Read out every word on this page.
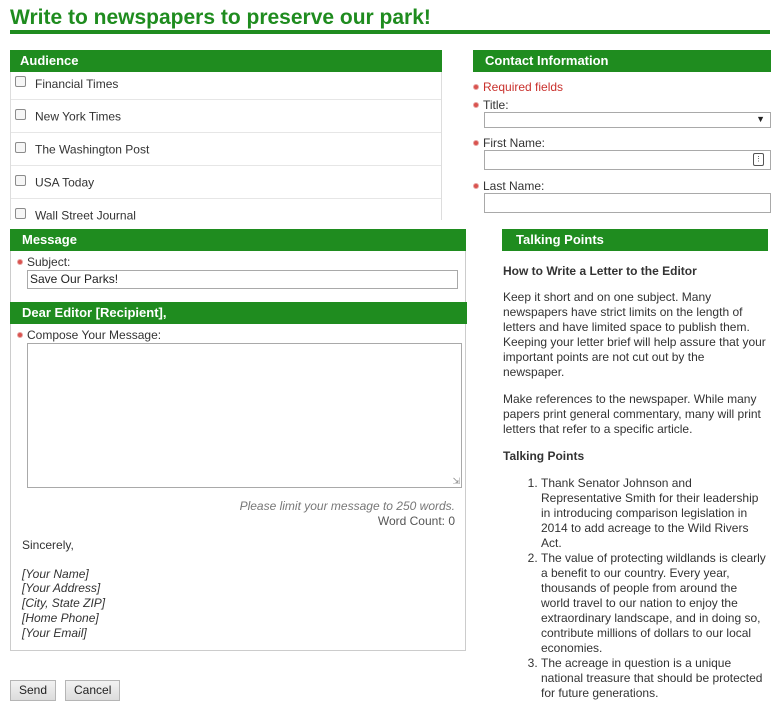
Write to newspapers to preserve our park!
Audience
Financial Times
New York Times
The Washington Post
USA Today
Wall Street Journal
Contact Information
Required fields
Title:
▼
First Name:
⋮
Last Name:
Message
Subject:
Save Our Parks!
Dear Editor [Recipient],
Compose Your Message:
⇲
Please limit your message to 250 words.
Word Count: 0
Sincerely,
[Your Name]
[Your Address]
[City, State ZIP]
[Home Phone]
[Your Email]
Talking Points

How to Write a Letter to the Editor

Keep it short and on one subject. Many newspapers have strict limits on the length of letters and have limited space to publish them. Keeping your letter brief will help assure that your important points are not cut out by the newspaper.

Make references to the newspaper. While many papers print general commentary, many will print letters that refer to a specific article.

Talking Points

1. Thank Senator Johnson and Representative Smith for their leadership in introducing comparison legislation in 2014 to add acreage to the Wild Rivers Act.
2. The value of protecting wildlands is clearly a benefit to our country. Every year, thousands of people from around the world travel to our nation to enjoy the extraordinary landscape, and in doing so, contribute millions of dollars to our local economies.
3. The acreage in question is a unique national treasure that should be protected for future generations.
Send	Cancel
